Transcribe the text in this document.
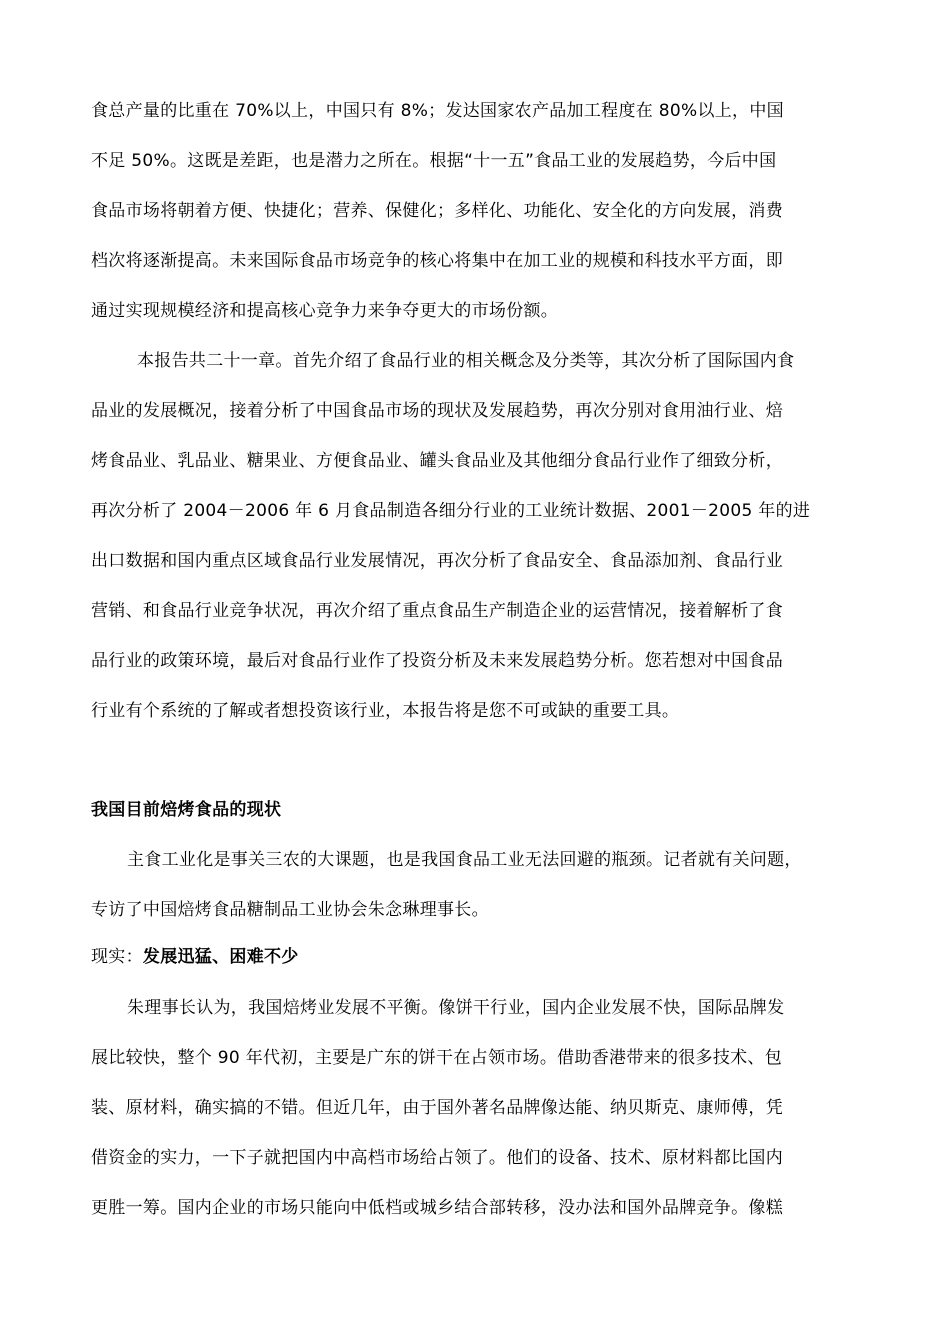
食总产量的比重在 70%以上，中国只有 8%；发达国家农产品加工程度在 80%以上，中国
不足 50%。这既是差距，也是潜力之所在。根据“十一五”食品工业的发展趋势，今后中国
食品市场将朝着方便、快捷化；营养、保健化；多样化、功能化、安全化的方向发展，消费
档次将逐渐提高。未来国际食品市场竞争的核心将集中在加工业的规模和科技水平方面，即
通过实现规模经济和提高核心竞争力来争夺更大的市场份额。
本报告共二十一章。首先介绍了食品行业的相关概念及分类等，其次分析了国际国内食
品业的发展概况，接着分析了中国食品市场的现状及发展趋势，再次分别对食用油行业、焙
烤食品业、乳品业、糖果业、方便食品业、罐头食品业及其他细分食品行业作了细致分析，
再次分析了 2004－2006 年 6 月食品制造各细分行业的工业统计数据、2001－2005 年的进
出口数据和国内重点区域食品行业发展情况，再次分析了食品安全、食品添加剂、食品行业
营销、和食品行业竞争状况，再次介绍了重点食品生产制造企业的运营情况，接着解析了食
品行业的政策环境，最后对食品行业作了投资分析及未来发展趋势分析。您若想对中国食品
行业有个系统的了解或者想投资该行业，本报告将是您不可或缺的重要工具。
我国目前焙烤食品的现状
主食工业化是事关三农的大课题，也是我国食品工业无法回避的瓶颈。记者就有关问题，
专访了中国焙烤食品糖制品工业协会朱念琳理事长。
现实：发展迅猛、困难不少
朱理事长认为，我国焙烤业发展不平衡。像饼干行业，国内企业发展不快，国际品牌发
展比较快，整个 90 年代初，主要是广东的饼干在占领市场。借助香港带来的很多技术、包
装、原材料，确实搞的不错。但近几年，由于国外著名品牌像达能、纳贝斯克、康师傅，凭
借资金的实力，一下子就把国内中高档市场给占领了。他们的设备、技术、原材料都比国内
更胜一筹。国内企业的市场只能向中低档或城乡结合部转移，没办法和国外品牌竞争。像糕
